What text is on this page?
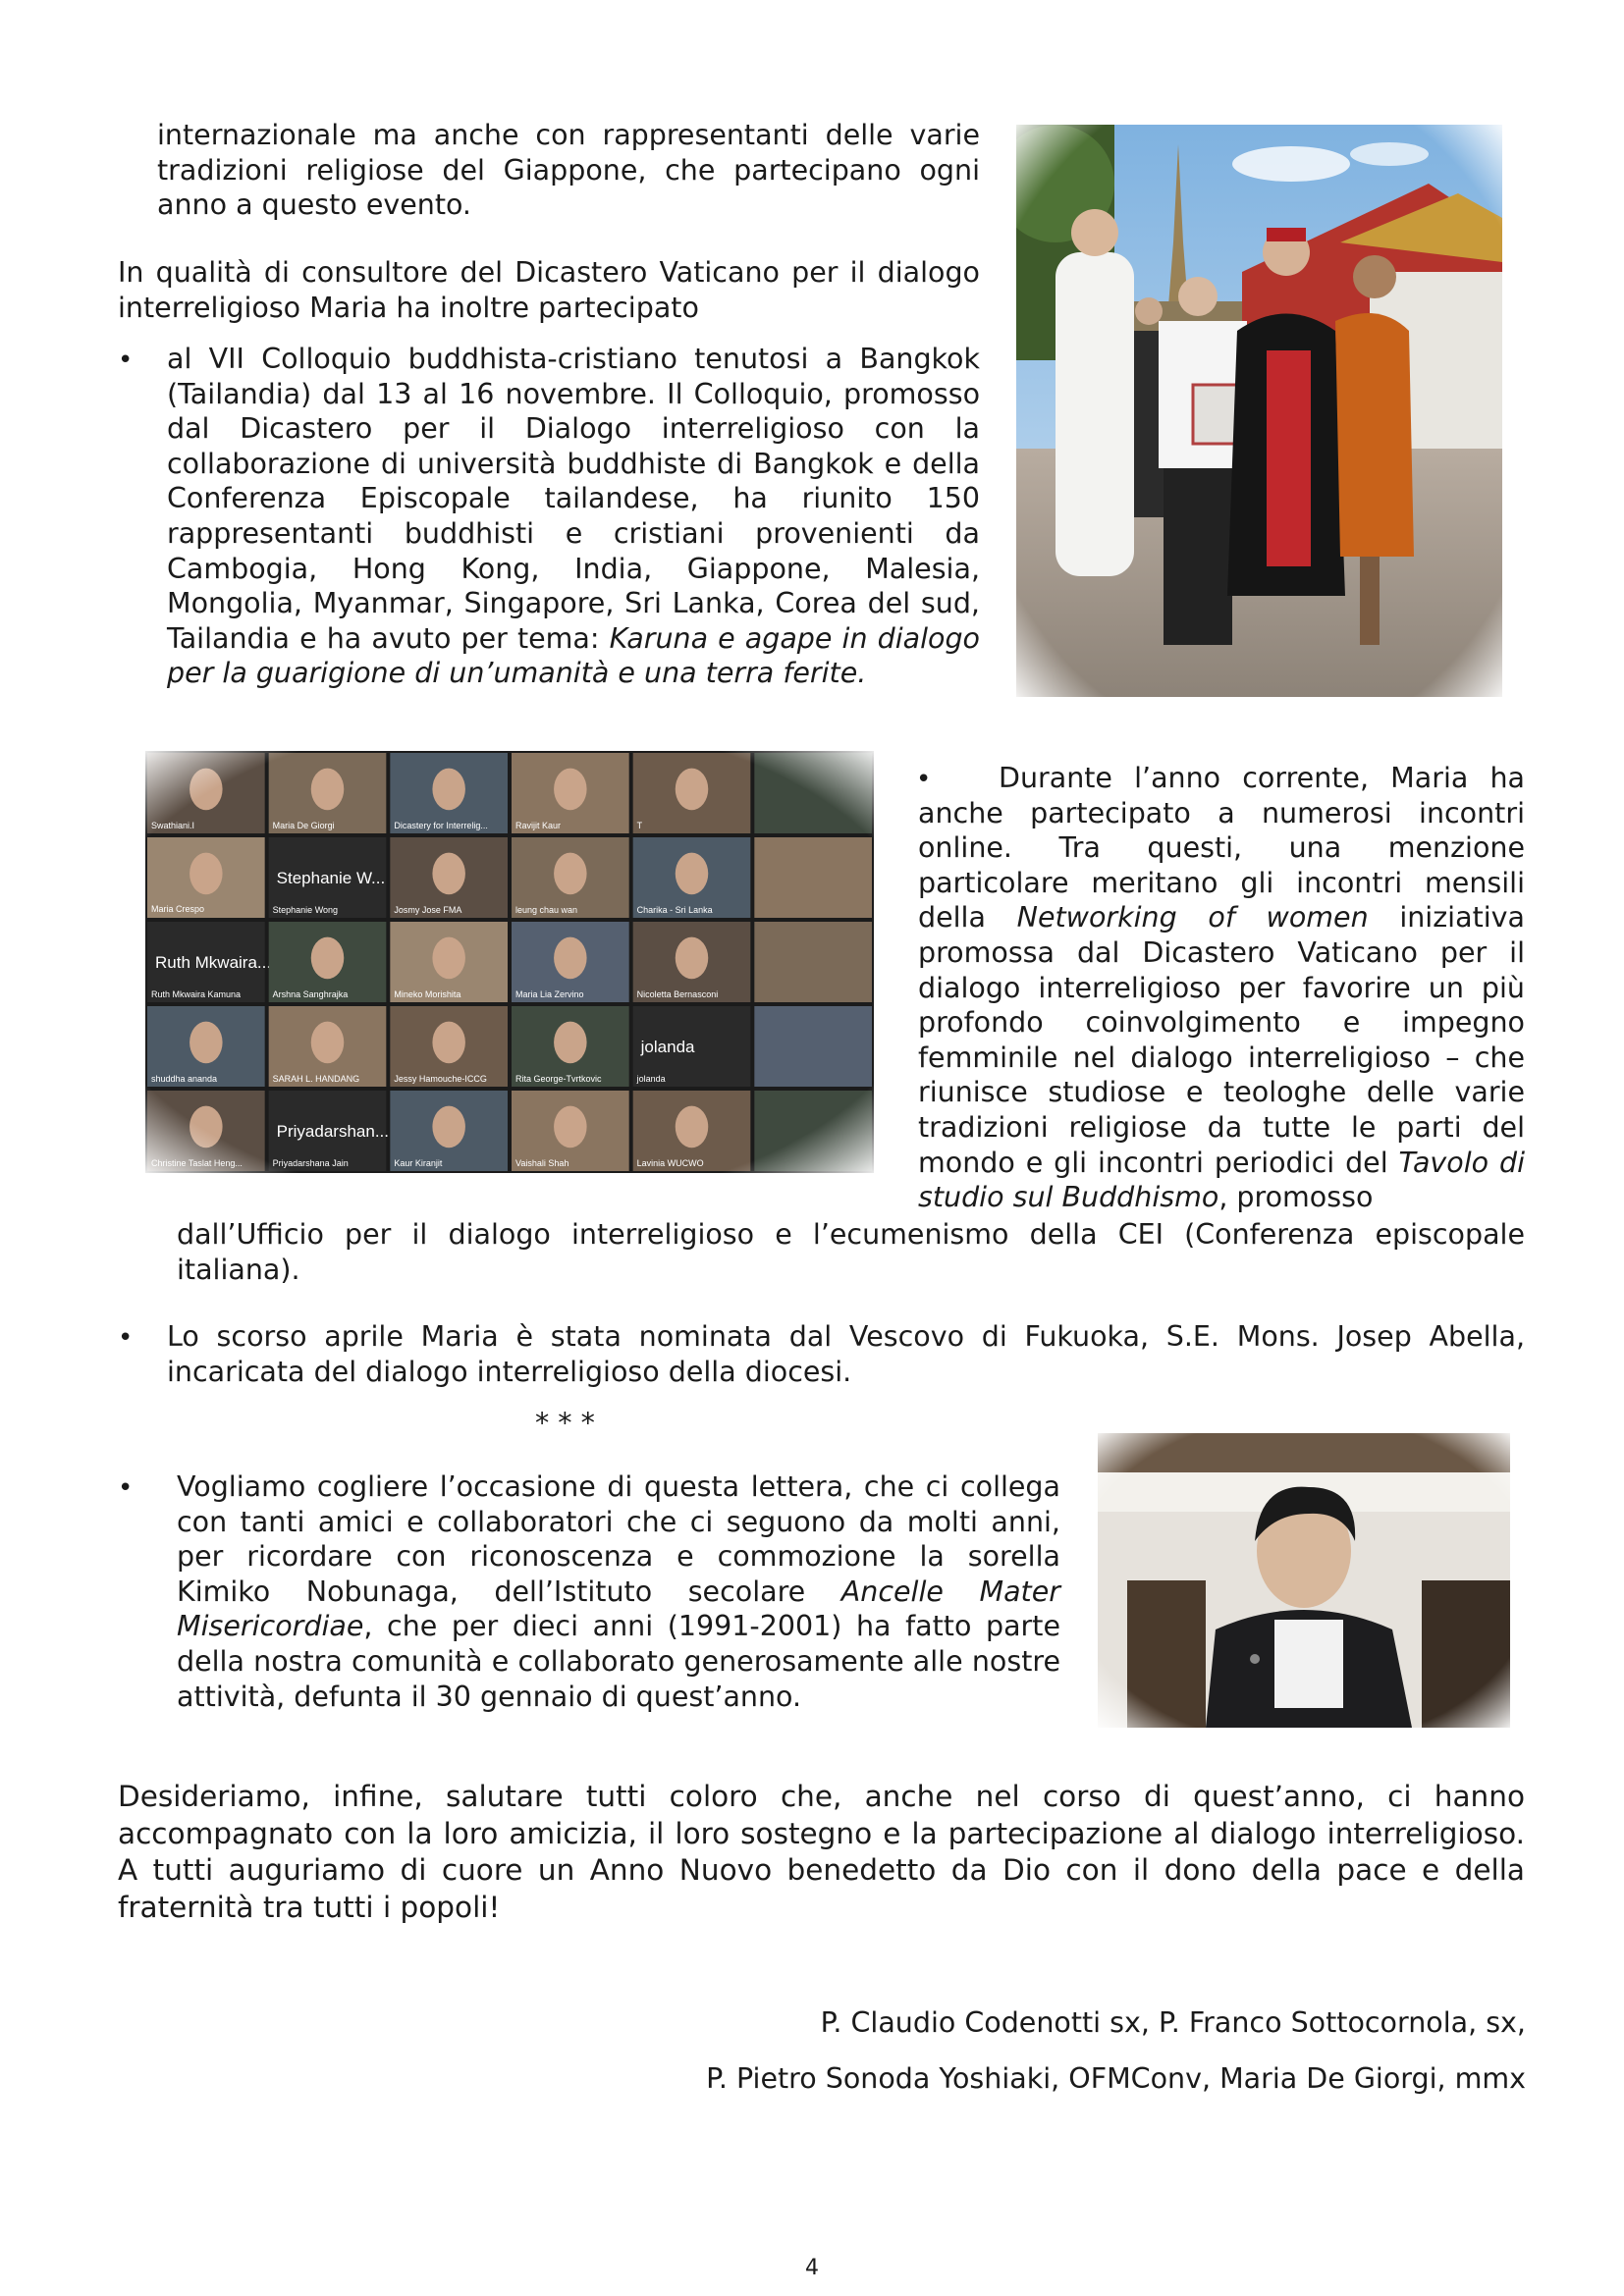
internazionale ma anche con rappresentanti delle varie tradizioni religiose del Giappone, che partecipano ogni anno a questo evento.

In qualità di consultore del Dicastero Vaticano per il dialogo interreligioso Maria ha inoltre partecipato

• al VII Colloquio buddhista-cristiano tenutosi a Bangkok (Tailandia) dal 13 al 16 novembre. Il Colloquio, promosso dal Dicastero per il Dialogo interreligioso con la collaborazione di università buddhiste di Bangkok e della Conferenza Episcopale tailandese, ha riunito 150 rappresentanti buddhisti e cristiani provenienti da Cambogia, Hong Kong, India, Giappone, Malesia, Mongolia, Myanmar, Singapore, Sri Lanka, Corea del sud, Tailandia e ha avuto per tema: Karuna e agape in dialogo per la guarigione di un’umanità e una terra ferite.

•	Durante l’anno corrente, Maria ha anche partecipato a numerosi incontri online. Tra questi, una menzione particolare meritano gli incontri mensili della Networking of women iniziativa promossa dal Dicastero Vaticano per il dialogo interreligioso per favorire un più profondo coinvolgimento e impegno femminile nel dialogo interreligioso – che riunisce studiose e teologhe delle varie tradizioni religiose da tutte le parti del mondo e gli incontri periodici del Tavolo di studio sul Buddhismo, promosso

dall’Ufficio per il dialogo interreligioso e l’ecumenismo della CEI (Conferenza episcopale italiana).

• Lo scorso aprile Maria è stata nominata dal Vescovo di Fukuoka, S.E. Mons. Josep Abella, incaricata del dialogo interreligioso della diocesi.

* * *
• Vogliamo cogliere l’occasione di questa lettera, che ci collega con tanti amici e collaboratori che ci seguono da molti anni, per ricordare con riconoscenza e commozione la sorella Kimiko Nobunaga, dell’Istituto secolare Ancelle Mater Misericordiae, che per dieci anni (1991-2001) ha fatto parte della nostra comunità e collaborato generosamente alle nostre attività, defunta il 30 gennaio di quest’anno.

Desideriamo, infine, salutare tutti coloro che, anche nel corso di quest’anno, ci hanno accompagnato con la loro amicizia, il loro sostegno e la partecipazione al dialogo interreligioso. A tutti auguriamo di cuore un Anno Nuovo benedetto da Dio con il dono della pace e della fraternità tra tutti i popoli!

P. Claudio Codenotti sx, P. Franco Sottocornola, sx,
P. Pietro Sonoda Yoshiaki, OFMConv, Maria De Giorgi, mmx
4
